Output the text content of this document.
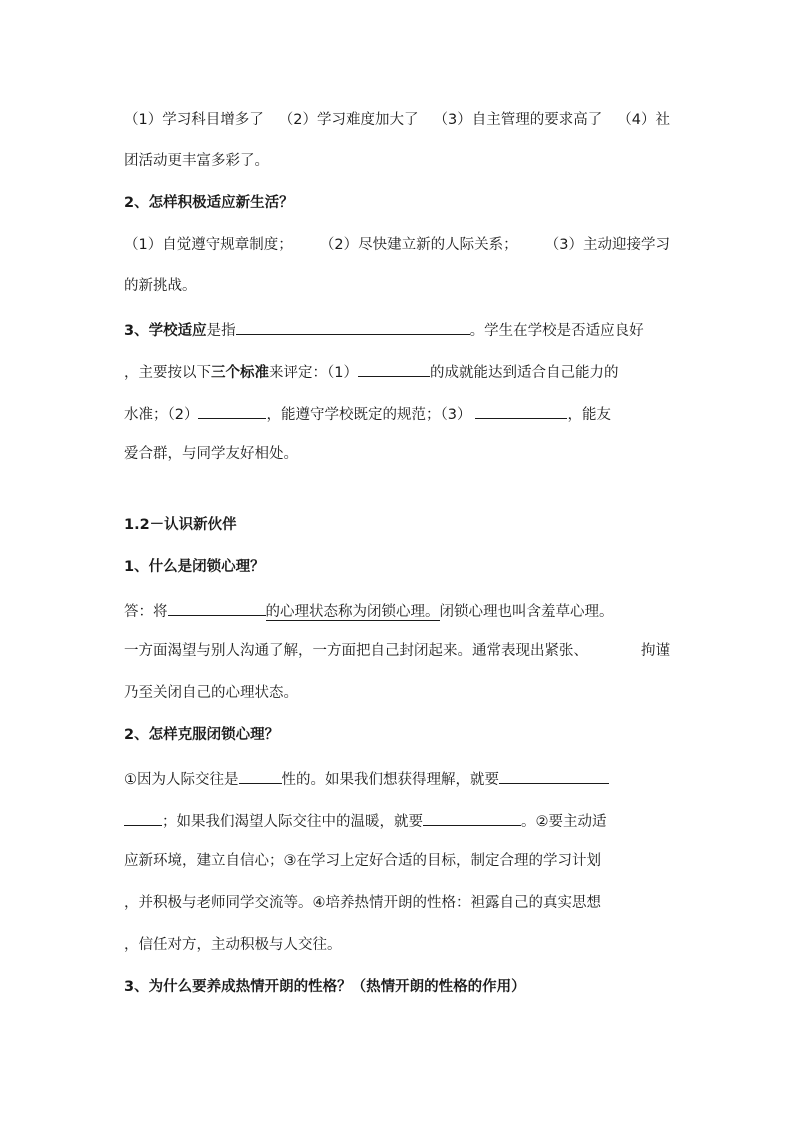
（1）学习科目增多了 （2）学习难度加大了 （3）自主管理的要求高了 （4）社
团活动更丰富多彩了。
2、怎样积极适应新生活？
（1）自觉遵守规章制度； （2）尽快建立新的人际关系； （3）主动迎接学习
的新挑战。
3、学校适应是指	。学生在学校是否适应良好
，主要按以下三个标准来评定：（1）	的成就能达到适合自己能力的
水准；（2）	，能遵守学校既定的规范；（3）	，能友
爱合群，与同学友好相处。
1.2－认识新伙伴
1、什么是闭锁心理？
答：将	的心理状态称为闭锁心理。闭锁心理也叫含羞草心理。
一方面渴望与别人沟通了解，一方面把自己封闭起来。通常表现出紧张、	拘谨
乃至关闭自己的心理状态。
2、怎样克服闭锁心理？
①因为人际交往是	性的。如果我们想获得理解，就要
；如果我们渴望人际交往中的温暖，就要	。②要主动适
应新环境，建立自信心；③在学习上定好合适的目标，制定合理的学习计划
，并积极与老师同学交流等。④培养热情开朗的性格：袒露自己的真实思想
，信任对方，主动积极与人交往。
3、为什么要养成热情开朗的性格？（热情开朗的性格的作用）
